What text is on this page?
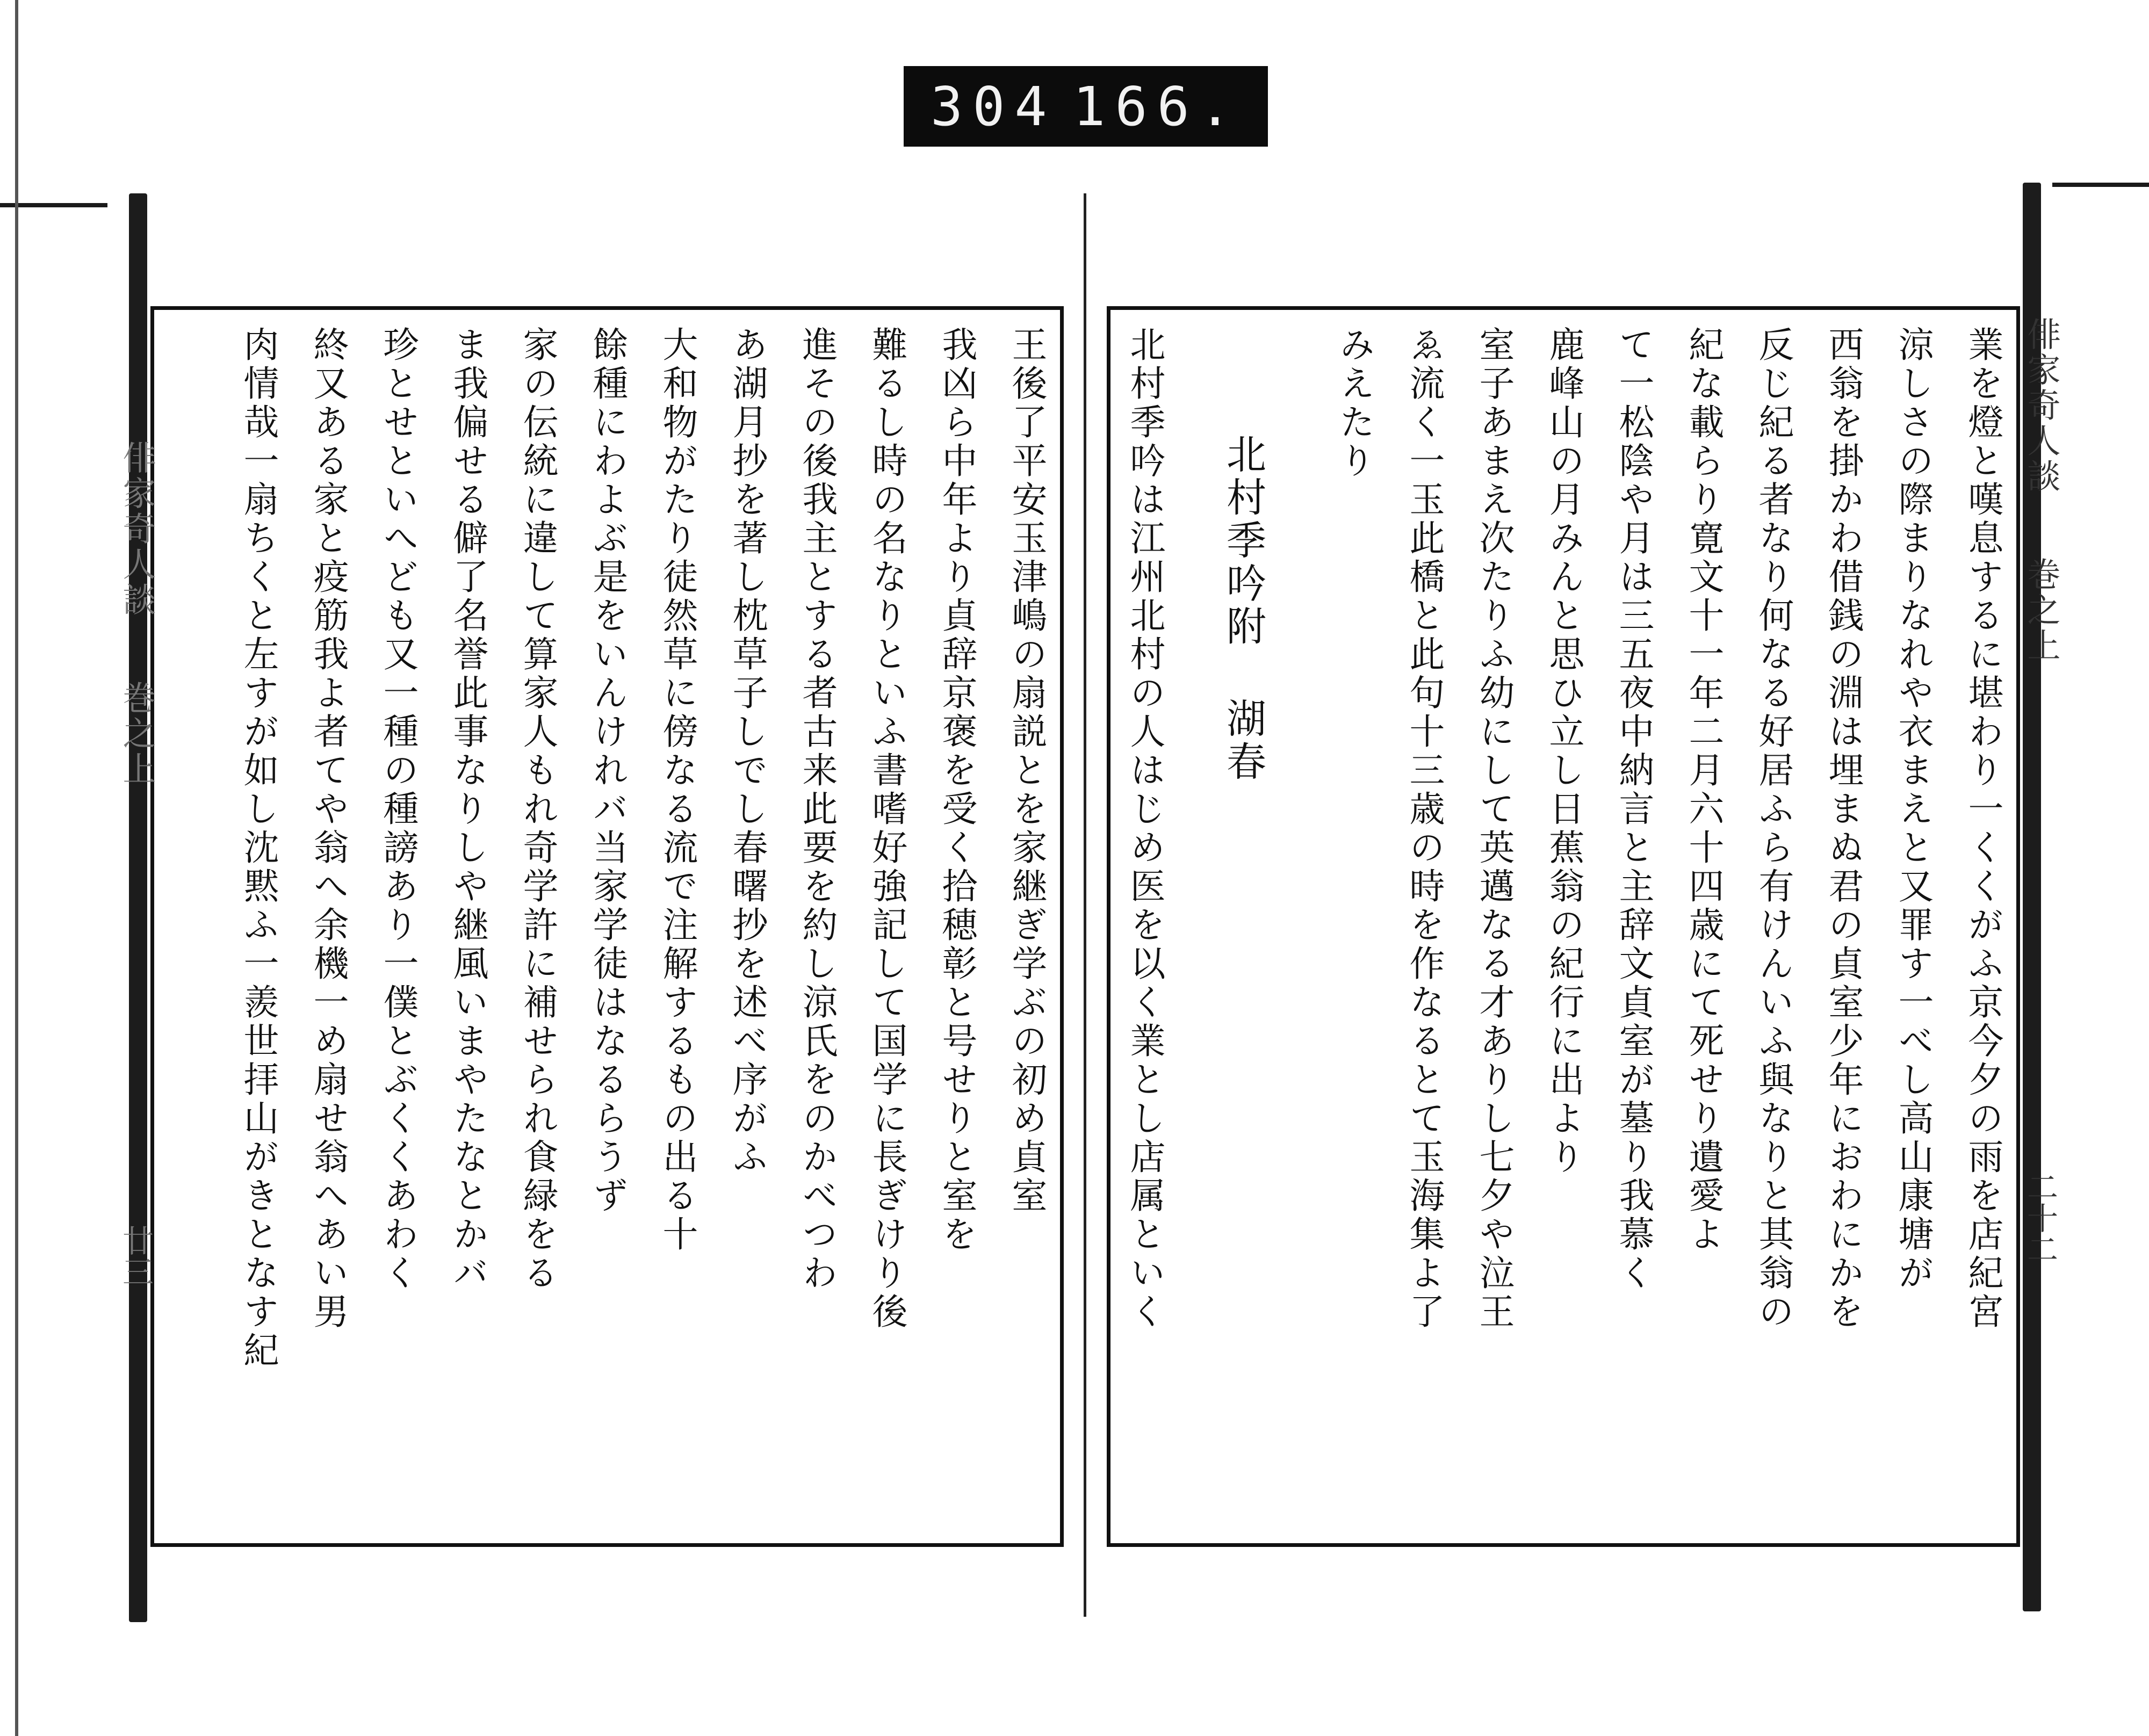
304 166.
王後了平安玉津嶋の扇説とを家継ぎ学ぶの初め貞室
我凶ら中年より貞辞京褒を受く拾穂彰と号せりと室を
難るし時の名なりといふ書嗜好強記して国学に長ぎけり後
進その後我主とする者古来此要を約し涼氏をのかべつわ
あ湖月抄を著し枕草子しでし春曙抄を述べ序がふ
大和物がたり徒然草に傍なる流で注解するもの出る十
餘種にわよぶ是をいんけれバ当家学徒はなるらうず
家の伝統に違して算家人もれ奇学許に補せられ食緑をる
ま我偏せる僻了名誉此事なりしや継風いまやたなとかバ
珍とせといへども又一種の種謗あり一僕とぶくくあわく
終又ある家と疫筋我よ者てや翁へ余機一め扇せ翁へあい男
肉情哉一扇ちくと左すが如し沈黙ふ一羨世拝山がきとなす紀
俳家奇人談 巻之上
廿三	業を燈と嘆息するに堪わり一くくがふ京今夕の雨を店紀宮
涼しさの際まりなれや衣まえと又罪す一べし高山康塘が
西翁を掛かわ借銭の淵は埋まぬ君の貞室少年におわにかを
反じ紀る者なり何なる好居ふら有けんいふ與なりと其翁の
紀な載らり寛文十一年二月六十四歳にて死せり遺愛よ
て一松陰や月は三五夜中納言と主辞文貞室が墓り我慕く
鹿峰山の月みんと思ひ立し日蕉翁の紀行に出より
室子あまえ次たりふ幼にして英邁なる才ありし七夕や泣王
ゑ流く一玉此橋と此句十三歳の時を作なるとて玉海集よ了
みえたり
北村季吟附 湖春
北村季吟は江州北村の人はじめ医を以く業とし店属といく	俳家奇人談 巻之上
二十二
